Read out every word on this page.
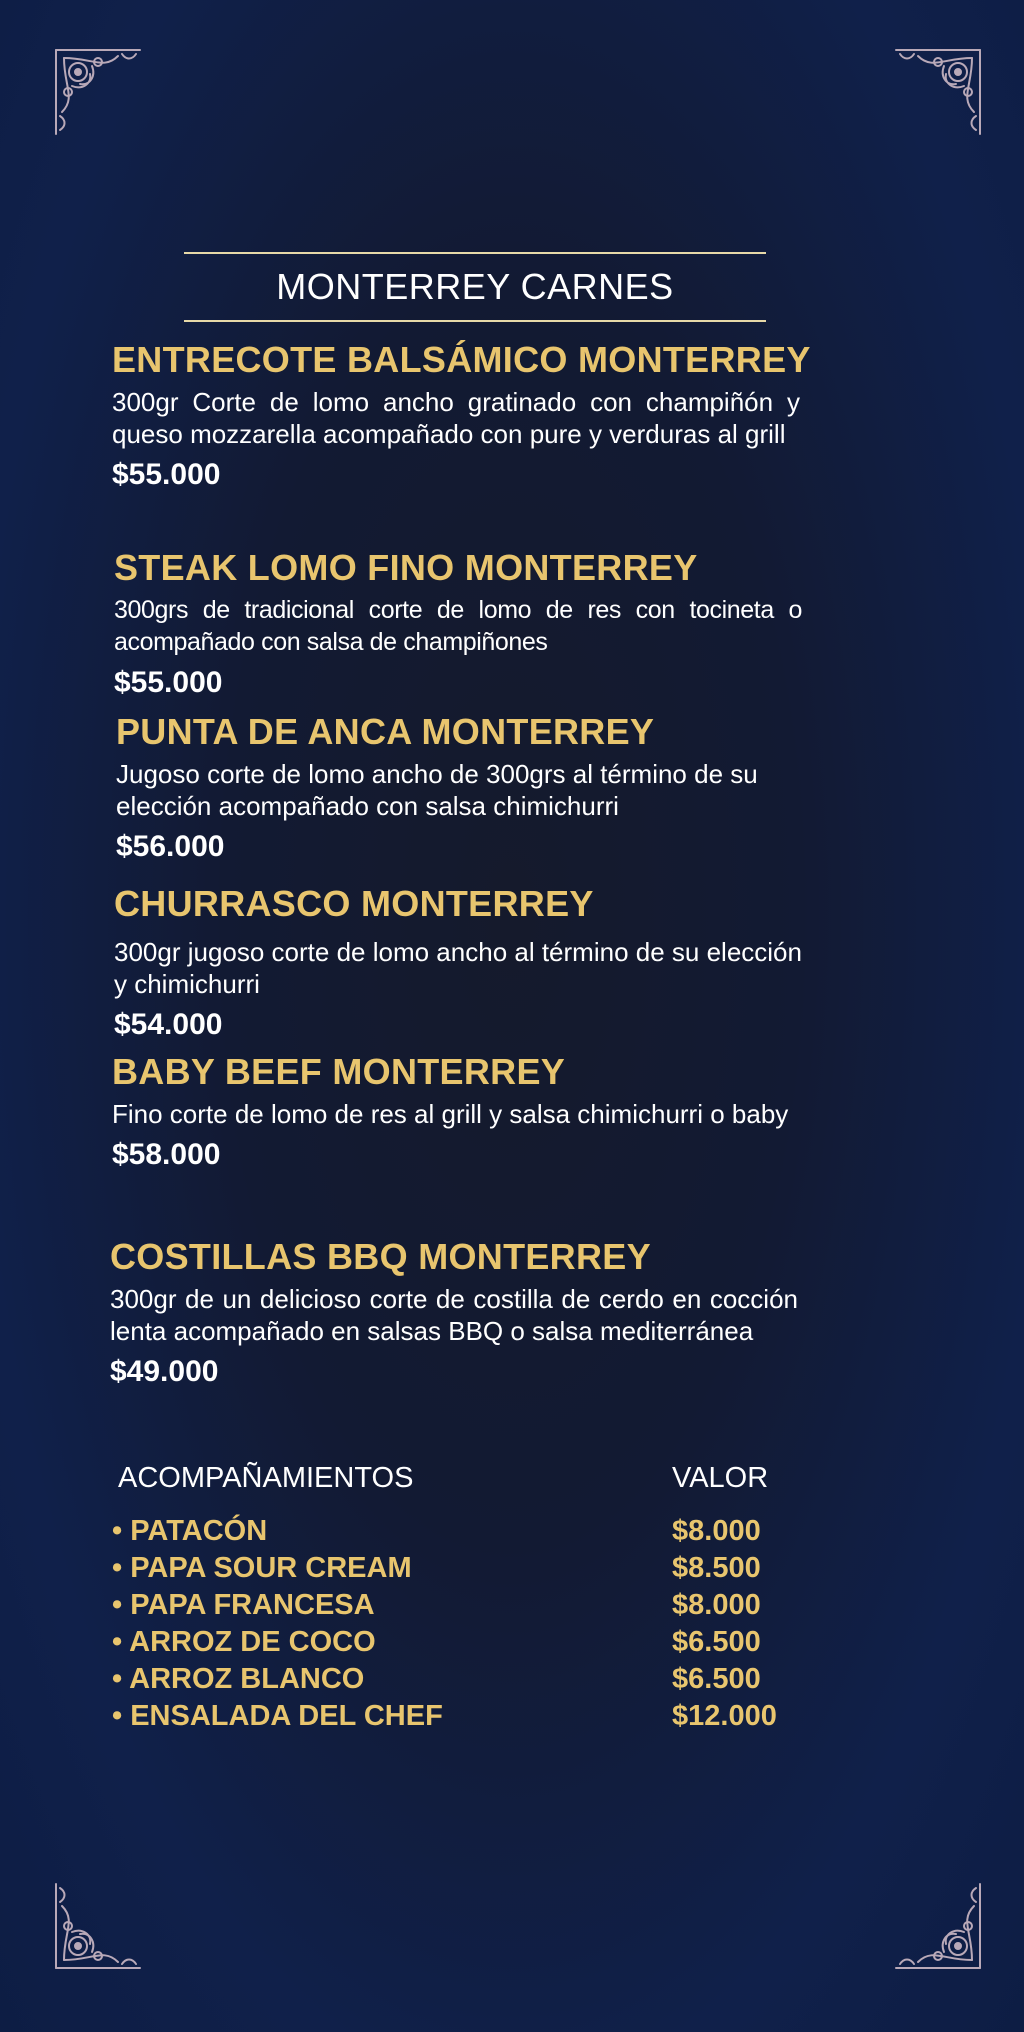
MONTERREY CARNES
ENTRECOTE BALSÁMICO MONTERREY
300gr Corte de lomo ancho gratinado con champiñón y queso mozzarella acompañado con pure y verduras al grill
$55.000
STEAK LOMO FINO MONTERREY
300grs de tradicional corte de lomo de res con tocineta o acompañado con salsa de champiñones
$55.000
PUNTA DE ANCA MONTERREY
Jugoso corte de lomo ancho de 300grs al término de su elección acompañado con salsa chimichurri
$56.000
CHURRASCO MONTERREY
300gr jugoso corte de lomo ancho al término de su elección y chimichurri
$54.000
BABY BEEF MONTERREY
Fino corte de lomo de res al grill y salsa chimichurri o baby
$58.000
COSTILLAS BBQ MONTERREY
300gr de un delicioso corte de costilla de cerdo en cocción lenta acompañado en salsas BBQ o salsa mediterránea
$49.000
ACOMPAÑAMIENTOS	VALOR
• PATACÓN	$8.000
• PAPA SOUR CREAM	$8.500
• PAPA FRANCESA	$8.000
• ARROZ DE COCO	$6.500
• ARROZ BLANCO	$6.500
• ENSALADA DEL CHEF	$12.000
